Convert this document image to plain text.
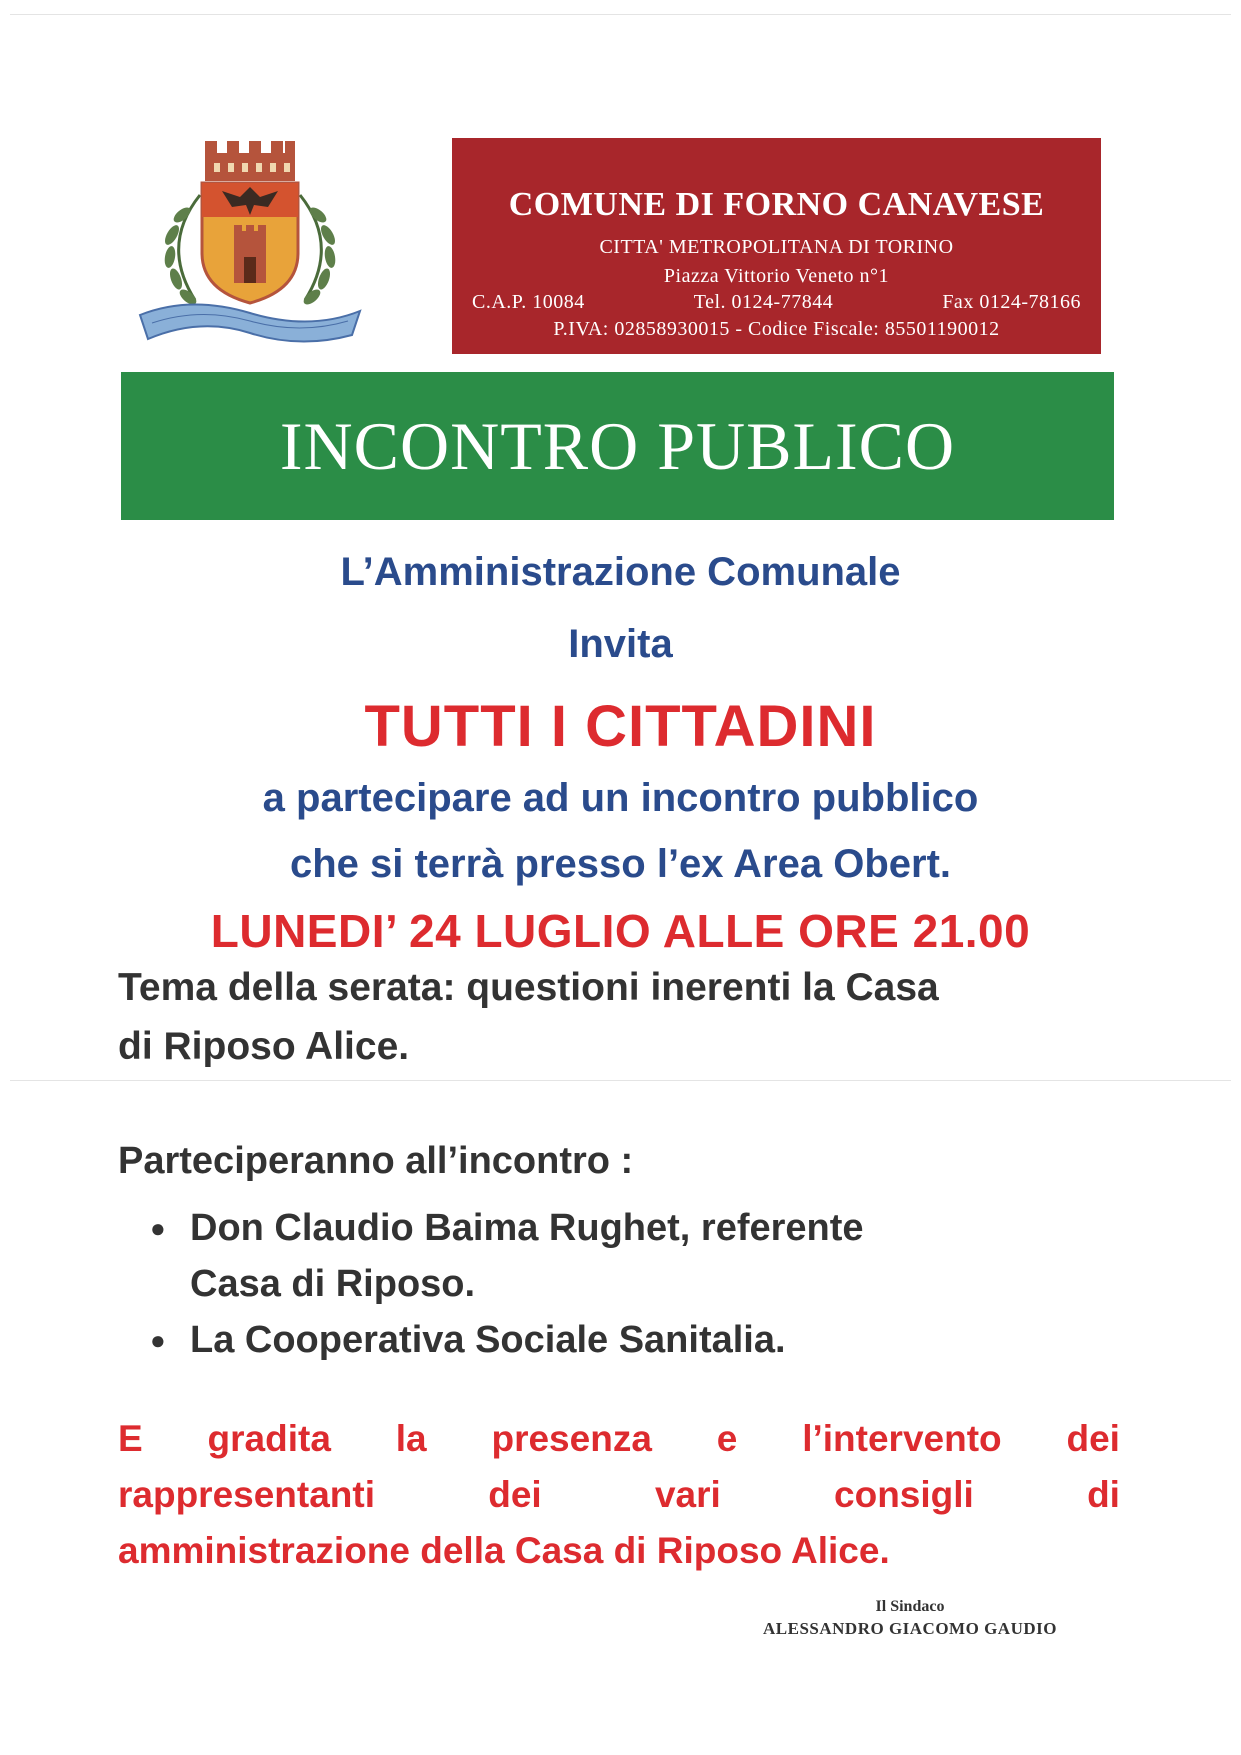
COMUNE DI FORNO CANAVESE
CITTA' METROPOLITANA DI TORINO
Piazza Vittorio Veneto n°1
C.A.P. 10084	Tel. 0124-77844	Fax 0124-78166
P.IVA: 02858930015 - Codice Fiscale: 85501190012
INCONTRO PUBLICO
L’Amministrazione Comunale
Invita
TUTTI I CITTADINI
a partecipare ad un incontro pubblico
che si terrà presso l’ex Area Obert.
LUNEDI’ 24 LUGLIO ALLE ORE 21.00
Tema della serata: questioni inerenti la Casa
di Riposo Alice.
Parteciperanno all’incontro :
● Don Claudio Baima Rughet, referente
Casa di Riposo.
● La Cooperativa Sociale Sanitalia.
E gradita la presenza e l’intervento dei
rappresentanti	dei	vari	consigli	di
amministrazione della Casa di Riposo Alice.
Il Sindaco
ALESSANDRO GIACOMO GAUDIO
